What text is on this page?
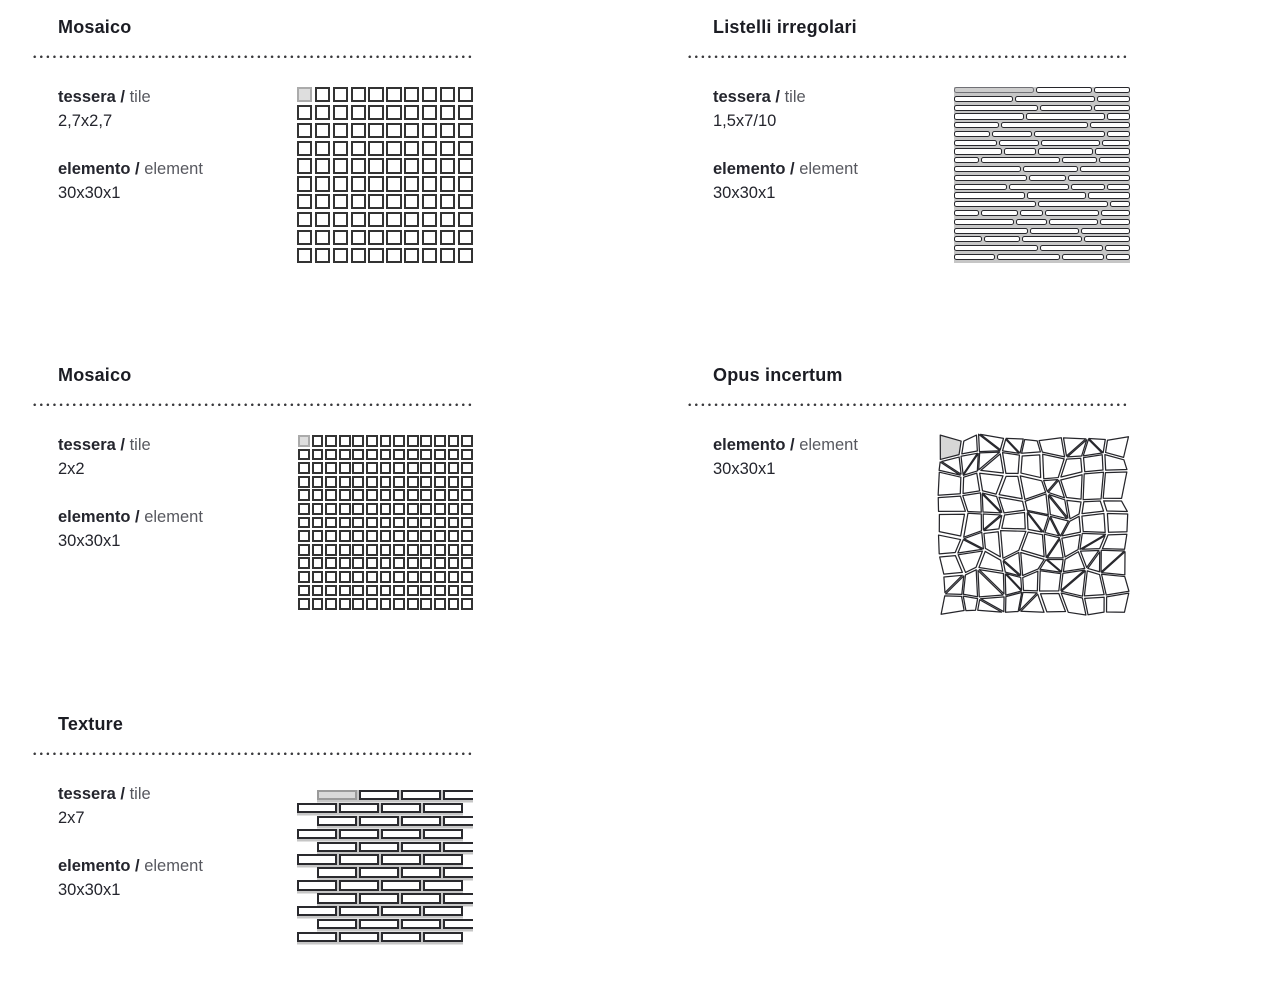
Mosaico

tessera / tile

2,7x2,7

elemento / element

30x30x1

Listelli irregolari

tessera / tile

1,5x7/10

elemento / element

30x30x1

Mosaico

tessera / tile

2x2

elemento / element

30x30x1

Opus incertum

elemento / element

30x30x1

Texture

tessera / tile

2x7

elemento / element

30x30x1
